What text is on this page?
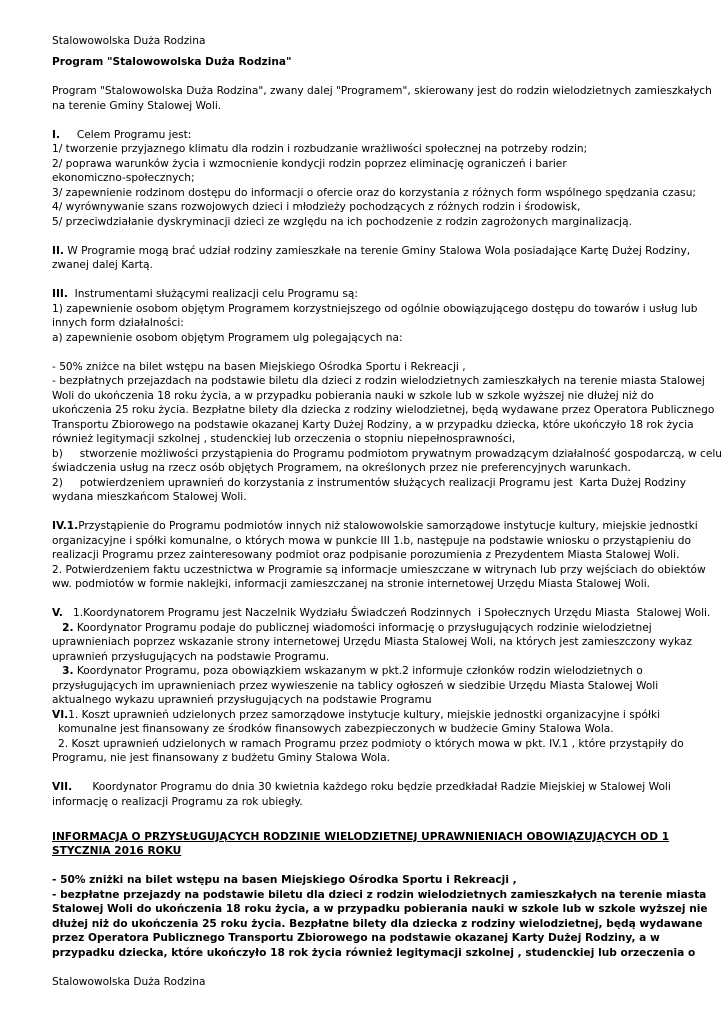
Stalowowolska Duża Rodzina
Program "Stalowowolska Duża Rodzina"
Program "Stalowowolska Duża Rodzina", zwany dalej "Programem", skierowany jest do rodzin wielodzietnych zamieszkałych
na terenie Gminy Stalowej Woli.
I. Celem Programu jest:
1/ tworzenie przyjaznego klimatu dla rodzin i rozbudzanie wrażliwości społecznej na potrzeby rodzin;
2/ poprawa warunków życia i wzmocnienie kondycji rodzin poprzez eliminację ograniczeń i barier
ekonomiczno-społecznych;
3/ zapewnienie rodzinom dostępu do informacji o ofercie oraz do korzystania z różnych form wspólnego spędzania czasu;
4/ wyrównywanie szans rozwojowych dzieci i młodzieży pochodzących z różnych rodzin i środowisk,
5/ przeciwdziałanie dyskryminacji dzieci ze względu na ich pochodzenie z rodzin zagrożonych marginalizacją.
II. W Programie mogą brać udział rodziny zamieszkałe na terenie Gminy Stalowa Wola posiadające Kartę Dużej Rodziny,
zwanej dalej Kartą.
III.  Instrumentami służącymi realizacji celu Programu są:
1) zapewnienie osobom objętym Programem korzystniejszego od ogólnie obowiązującego dostępu do towarów i usług lub
innych form działalności:
a) zapewnienie osobom objętym Programem ulg polegających na:
- 50% zniżce na bilet wstępu na basen Miejskiego Ośrodka Sportu i Rekreacji ,
- bezpłatnych przejazdach na podstawie biletu dla dzieci z rodzin wielodzietnych zamieszkałych na terenie miasta Stalowej
Woli do ukończenia 18 roku życia, a w przypadku pobierania nauki w szkole lub w szkole wyższej nie dłużej niż do
ukończenia 25 roku życia. Bezpłatne bilety dla dziecka z rodziny wielodzietnej, będą wydawane przez Operatora Publicznego
Transportu Zbiorowego na podstawie okazanej Karty Dużej Rodziny, a w przypadku dziecka, które ukończyło 18 rok życia
również legitymacji szkolnej , studenckiej lub orzeczenia o stopniu niepełnosprawności,
b)     stworzenie możliwości przystąpienia do Programu podmiotom prywatnym prowadzącym działalność gospodarczą, w celu
świadczenia usług na rzecz osób objętych Programem, na określonych przez nie preferencyjnych warunkach.
2)     potwierdzeniem uprawnień do korzystania z instrumentów służących realizacji Programu jest  Karta Dużej Rodziny
wydana mieszkańcom Stalowej Woli.
IV.1.Przystąpienie do Programu podmiotów innych niż stalowowolskie samorządowe instytucje kultury, miejskie jednostki
organizacyjne i spółki komunalne, o których mowa w punkcie III 1.b, następuje na podstawie wniosku o przystąpieniu do
realizacji Programu przez zainteresowany podmiot oraz podpisanie porozumienia z Prezydentem Miasta Stalowej Woli.
2. Potwierdzeniem faktu uczestnictwa w Programie są informacje umieszczane w witrynach lub przy wejściach do obiektów
ww. podmiotów w formie naklejki, informacji zamieszczanej na stronie internetowej Urzędu Miasta Stalowej Woli.
V.   1.Koordynatorem Programu jest Naczelnik Wydziału Świadczeń Rodzinnych  i Społecznych Urzędu Miasta  Stalowej Woli.
2. Koordynator Programu podaje do publicznej wiadomości informację o przysługujących rodzinie wielodzietnej
uprawnieniach poprzez wskazanie strony internetowej Urzędu Miasta Stalowej Woli, na których jest zamieszczony wykaz
uprawnień przysługujących na podstawie Programu.
3. Koordynator Programu, poza obowiązkiem wskazanym w pkt.2 informuje członków rodzin wielodzietnych o
przysługujących im uprawnieniach przez wywieszenie na tablicy ogłoszeń w siedzibie Urzędu Miasta Stalowej Woli
aktualnego wykazu uprawnień przysługujących na podstawie Programu
VI.1. Koszt uprawnień udzielonych przez samorządowe instytucje kultury, miejskie jednostki organizacyjne i spółki
komunalne jest finansowany ze środków finansowych zabezpieczonych w budżecie Gminy Stalowa Wola.
2. Koszt uprawnień udzielonych w ramach Programu przez podmioty o których mowa w pkt. IV.1 , które przystąpiły do
Programu, nie jest finansowany z budżetu Gminy Stalowa Wola.
VII.      Koordynator Programu do dnia 30 kwietnia każdego roku będzie przedkładał Radzie Miejskiej w Stalowej Woli
informację o realizacji Programu za rok ubiegły.
INFORMACJA O PRZYSŁUGUJĄCYCH RODZINIE WIELODZIETNEJ UPRAWNIENIACH OBOWIĄZUJĄCYCH OD 1
STYCZNIA 2016 ROKU
- 50% zniżki na bilet wstępu na basen Miejskiego Ośrodka Sportu i Rekreacji ,
- bezpłatne przejazdy na podstawie biletu dla dzieci z rodzin wielodzietnych zamieszkałych na terenie miasta
Stalowej Woli do ukończenia 18 roku życia, a w przypadku pobierania nauki w szkole lub w szkole wyższej nie
dłużej niż do ukończenia 25 roku życia. Bezpłatne bilety dla dziecka z rodziny wielodzietnej, będą wydawane
przez Operatora Publicznego Transportu Zbiorowego na podstawie okazanej Karty Dużej Rodziny, a w
przypadku dziecka, które ukończyło 18 rok życia również legitymacji szkolnej , studenckiej lub orzeczenia o
Stalowowolska Duża Rodzina
